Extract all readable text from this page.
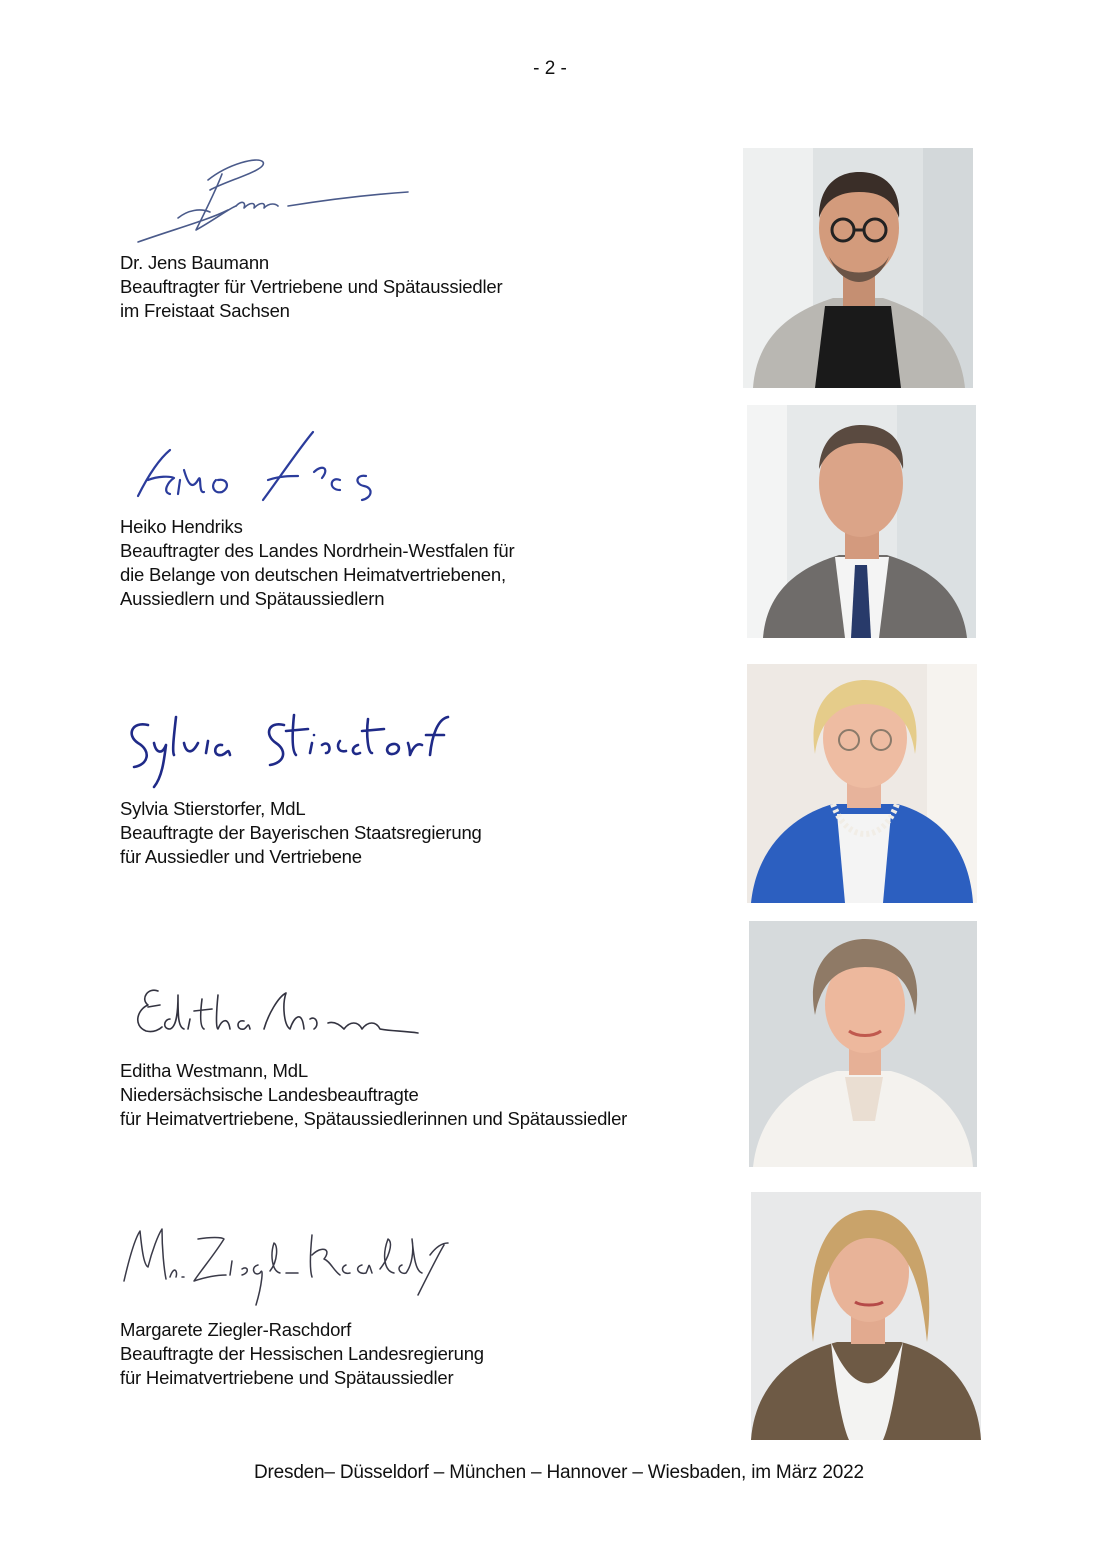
- 2 -
Dr. Jens Baumann
Beauftragter für Vertriebene und Spätaussiedler
im Freistaat Sachsen
Heiko Hendriks
Beauftragter des Landes Nordrhein-Westfalen für
die Belange von deutschen Heimatvertriebenen,
Aussiedlern und Spätaussiedlern
Sylvia Stierstorfer, MdL
Beauftragte der Bayerischen Staatsregierung
für Aussiedler und Vertriebene
Editha Westmann, MdL
Niedersächsische Landesbeauftragte
für Heimatvertriebene, Spätaussiedlerinnen und Spätaussiedler
Margarete Ziegler-Raschdorf
Beauftragte der Hessischen Landesregierung
für Heimatvertriebene und Spätaussiedler
Dresden– Düsseldorf – München – Hannover – Wiesbaden, im März 2022
